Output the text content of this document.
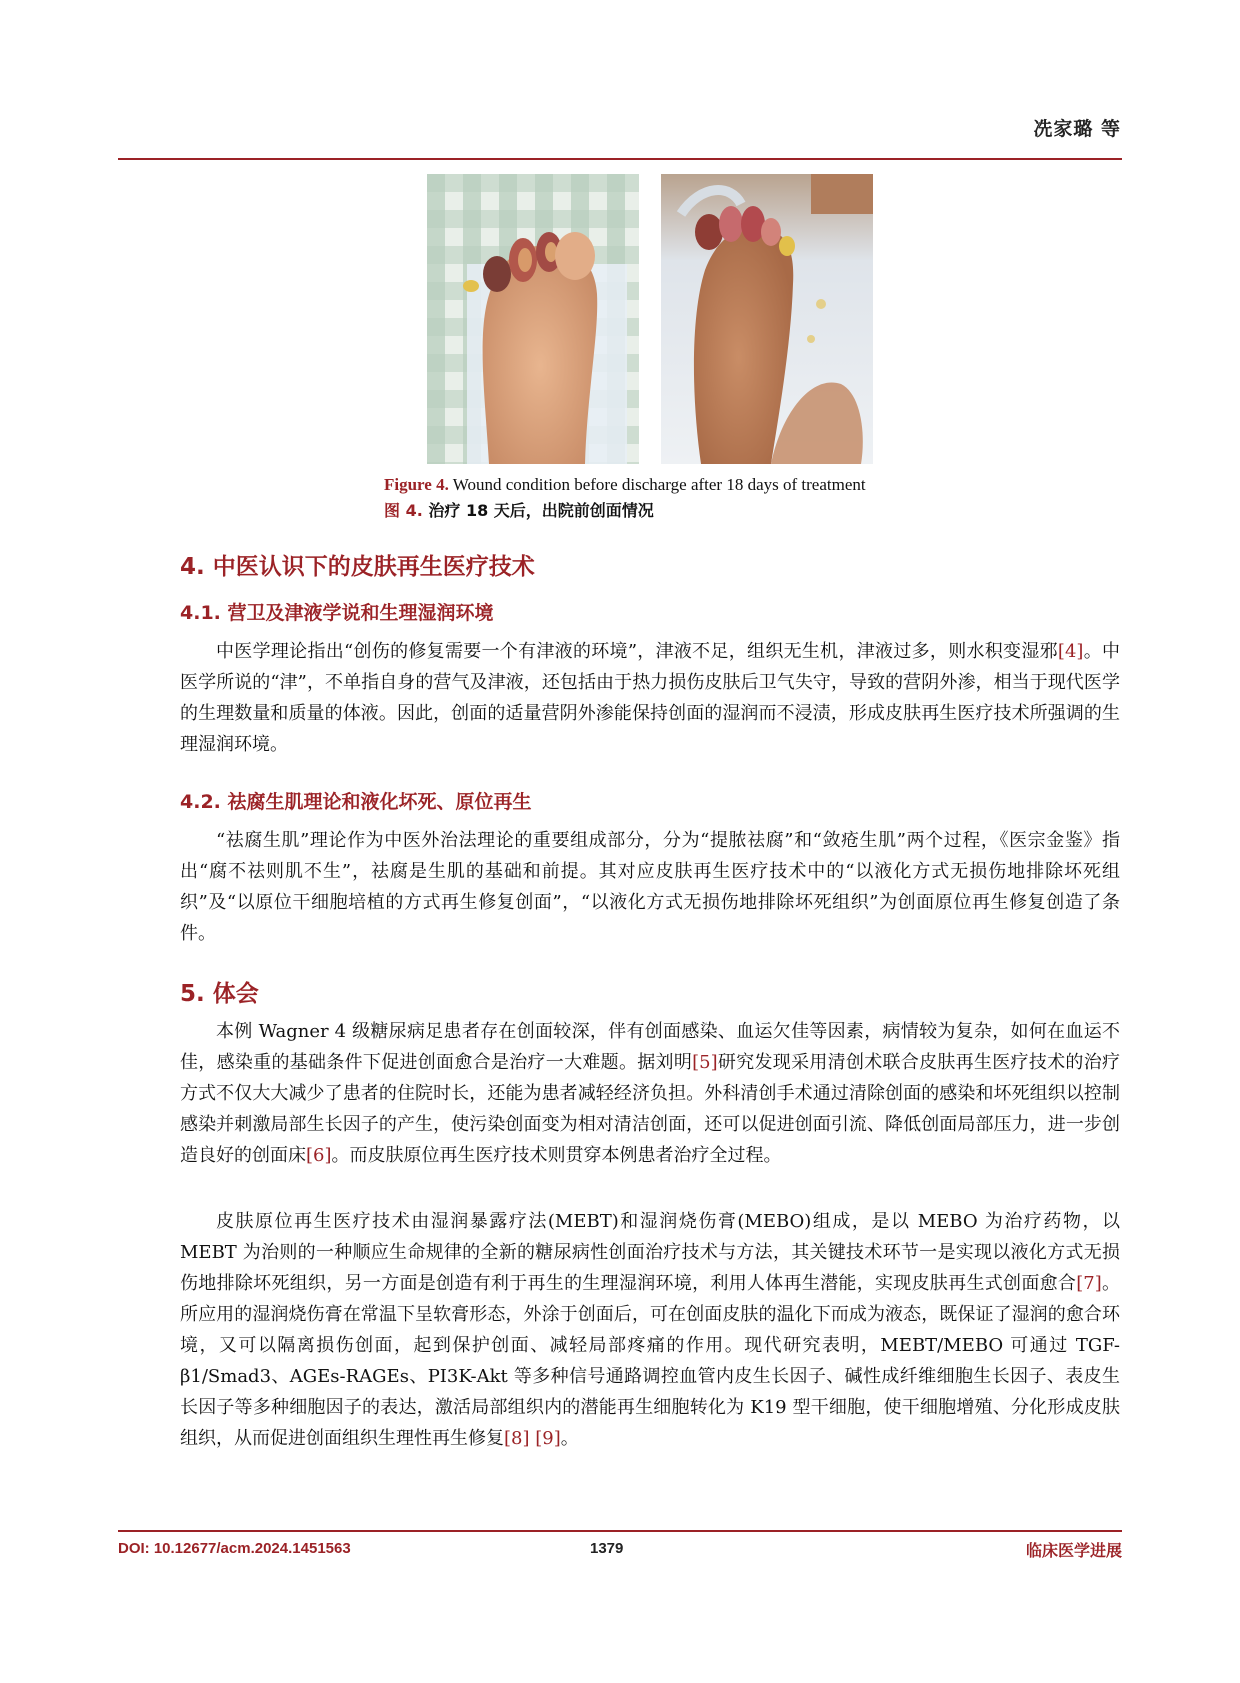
冼家璐 等
Figure 4. Wound condition before discharge after 18 days of treatment
图 4. 治疗 18 天后，出院前创面情况
4. 中医认识下的皮肤再生医疗技术
4.1. 营卫及津液学说和生理湿润环境
中医学理论指出“创伤的修复需要一个有津液的环境”，津液不足，组织无生机，津液过多，则水积变湿邪[4]。中医学所说的“津”，不单指自身的营气及津液，还包括由于热力损伤皮肤后卫气失守，导致的营阴外渗，相当于现代医学的生理数量和质量的体液。因此，创面的适量营阴外渗能保持创面的湿润而不浸渍，形成皮肤再生医疗技术所强调的生理湿润环境。
4.2. 祛腐生肌理论和液化坏死、原位再生
“祛腐生肌”理论作为中医外治法理论的重要组成部分，分为“提脓祛腐”和“敛疮生肌”两个过程，《医宗金鉴》指出“腐不祛则肌不生”，祛腐是生肌的基础和前提。其对应皮肤再生医疗技术中的“以液化方式无损伤地排除坏死组织”及“以原位干细胞培植的方式再生修复创面”，“以液化方式无损伤地排除坏死组织”为创面原位再生修复创造了条件。
5. 体会
本例 Wagner 4 级糖尿病足患者存在创面较深，伴有创面感染、血运欠佳等因素，病情较为复杂，如何在血运不佳，感染重的基础条件下促进创面愈合是治疗一大难题。据刘明[5]研究发现采用清创术联合皮肤再生医疗技术的治疗方式不仅大大减少了患者的住院时长，还能为患者减轻经济负担。外科清创手术通过清除创面的感染和坏死组织以控制感染并刺激局部生长因子的产生，使污染创面变为相对清洁创面，还可以促进创面引流、降低创面局部压力，进一步创造良好的创面床[6]。而皮肤原位再生医疗技术则贯穿本例患者治疗全过程。
皮肤原位再生医疗技术由湿润暴露疗法(MEBT)和湿润烧伤膏(MEBO)组成，是以 MEBO 为治疗药物，以 MEBT 为治则的一种顺应生命规律的全新的糖尿病性创面治疗技术与方法，其关键技术环节一是实现以液化方式无损伤地排除坏死组织，另一方面是创造有利于再生的生理湿润环境，利用人体再生潜能，实现皮肤再生式创面愈合[7]。所应用的湿润烧伤膏在常温下呈软膏形态，外涂于创面后，可在创面皮肤的温化下而成为液态，既保证了湿润的愈合环境，又可以隔离损伤创面，起到保护创面、减轻局部疼痛的作用。现代研究表明，MEBT/MEBO 可通过 TGF-β1/Smad3、AGEs-RAGEs、PI3K-Akt 等多种信号通路调控血管内皮生长因子、碱性成纤维细胞生长因子、表皮生长因子等多种细胞因子的表达，激活局部组织内的潜能再生细胞转化为 K19 型干细胞，使干细胞增殖、分化形成皮肤组织，从而促进创面组织生理性再生修复[8] [9]。
DOI: 10.12677/acm.2024.1451563	1379	临床医学进展
